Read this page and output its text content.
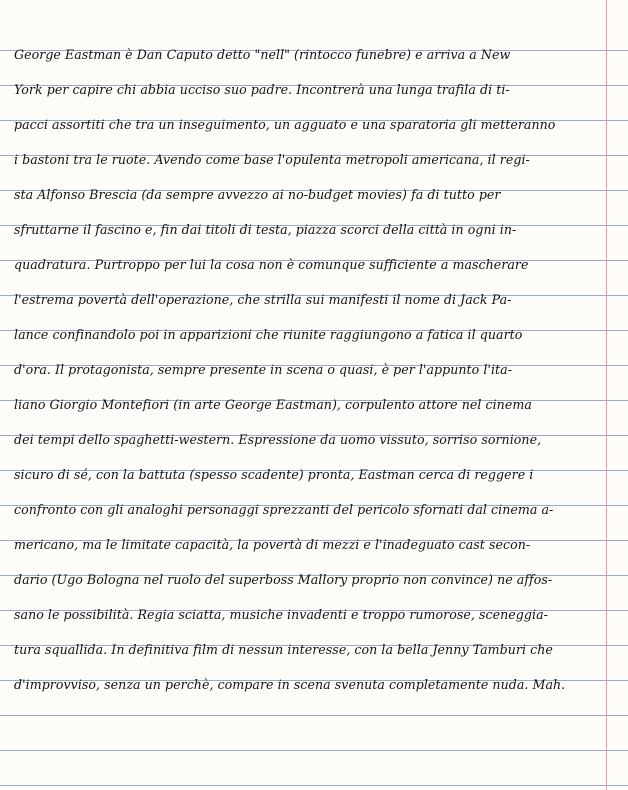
George Eastman è Dan Caputo detto "nell" (rintocco funebre) e arriva a New
York per capire chi abbia ucciso suo padre. Incontrerà una lunga trafila di ti-
pacci assortiti che tra un inseguimento, un agguato e una sparatoria gli metteranno
i bastoni tra le ruote. Avendo come base l'opulenta metropoli americana, il regi-
sta Alfonso Brescia (da sempre avvezzo ai no-budget movies) fa di tutto per
sfruttarne il fascino e, fin dai titoli di testa, piazza scorci della città in ogni in-
quadratura. Purtroppo per lui la cosa non è comunque sufficiente a mascherare
l'estrema povertà dell'operazione, che strilla sui manifesti il nome di Jack Pa-
lance confinandolo poi in apparizioni che riunite raggiungono a fatica il quarto
d'ora. Il protagonista, sempre presente in scena o quasi, è per l'appunto l'ita-
liano Giorgio Montefiori (in arte George Eastman), corpulento attore nel cinema
dei tempi dello spaghetti-western. Espressione da uomo vissuto, sorriso sornione,
sicuro di sé, con la battuta (spesso scadente) pronta, Eastman cerca di reggere i
confronto con gli analoghi personaggi sprezzanti del pericolo sfornati dal cinema a-
mericano, ma le limitate capacità, la povertà di mezzi e l'inadeguato cast secon-
dario (Ugo Bologna nel ruolo del superboss Mallory proprio non convince) ne affos-
sano le possibilità. Regia sciatta, musiche invadenti e troppo rumorose, sceneggia-
tura squallida. In definitiva film di nessun interesse, con la bella Jenny Tamburi che
d'improvviso, senza un perchè, compare in scena svenuta completamente nuda. Mah.
